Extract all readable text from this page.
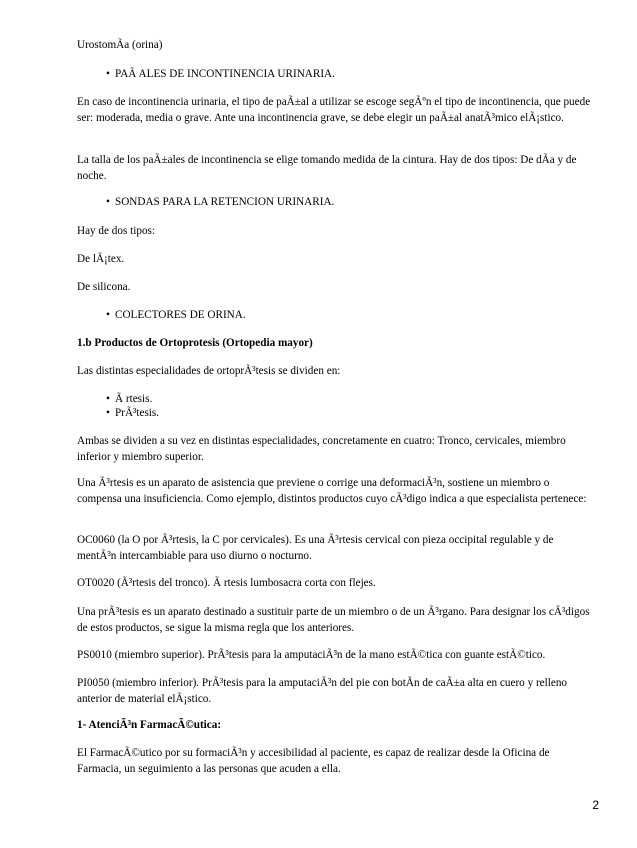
UrostomÃa (orina)
• PAÃ ALES DE INCONTINENCIA URINARIA.
En caso de incontinencia urinaria, el tipo de paÃ±al a utilizar se escoge segÃºn el tipo de incontinencia, que puede ser: moderada, media o grave. Ante una incontinencia grave, se debe elegir un paÃ±al anatÃ³mico elÃ¡stico.
La talla de los paÃ±ales de incontinencia se elige tomando medida de la cintura. Hay de dos tipos: De dÃa y de noche.
• SONDAS PARA LA RETENCION URINARIA.
Hay de dos tipos:
De lÃ¡tex.
De silicona.
• COLECTORES DE ORINA.
1.b Productos de Ortoprotesis (Ortopedia mayor)
Las distintas especialidades de ortoprÃ³tesis se dividen en:
• Ã rtesis.
• PrÃ³tesis.
Ambas se dividen a su vez en distintas especialidades, concretamente en cuatro: Tronco, cervicales, miembro inferior y miembro superior.
Una Ã³rtesis es un aparato de asistencia que previene o corrige una deformaciÃ³n, sostiene un miembro o compensa una insuficiencia. Como ejemplo, distintos productos cuyo cÃ³digo indica a que especialista pertenece:
OC0060 (la O por Ã³rtesis, la C por cervicales). Es una Ã³rtesis cervical con pieza occipital regulable y de mentÃ³n intercambiable para uso diurno o nocturno.
OT0020 (Ã³rtesis del tronco). Ã rtesis lumbosacra corta con flejes.
Una prÃ³tesis es un aparato destinado a sustituir parte de un miembro o de un Ã³rgano. Para designar los cÃ³digos de estos productos, se sigue la misma regla que los anteriores.
PS0010 (miembro superior). PrÃ³tesis para la amputaciÃ³n de la mano estÃ©tica con guante estÃ©tico.
PI0050 (miembro inferior). PrÃ³tesis para la amputaciÃ³n del pie con botÃn de caÃ±a alta en cuero y relleno anterior de material elÃ¡stico.
1- AtenciÃ³n FarmacÃ©utica:
El FarmacÃ©utico por su formaciÃ³n y accesibilidad al paciente, es capaz de realizar desde la Oficina de Farmacia, un seguimiento a las personas que acuden a ella.
2
